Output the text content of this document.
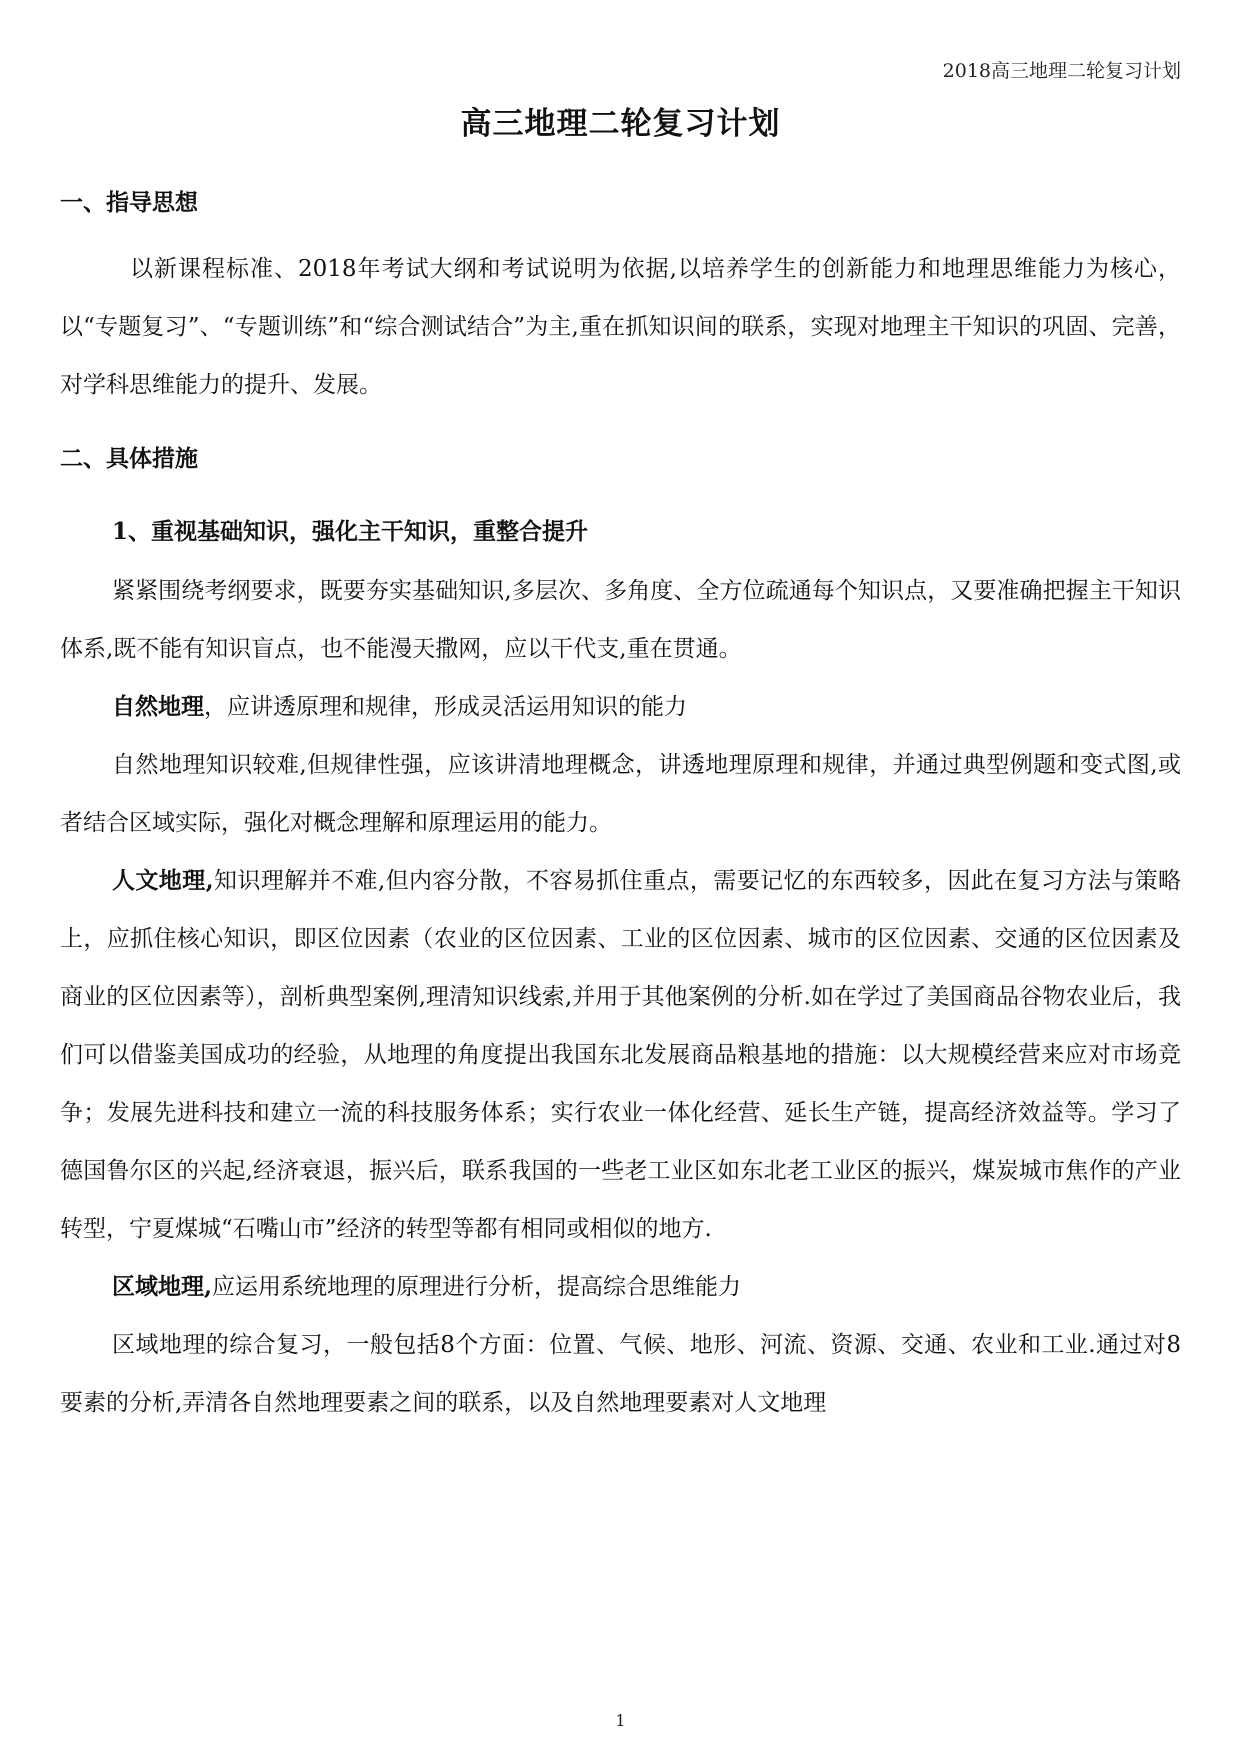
2018高三地理二轮复习计划
高三地理二轮复习计划
一、指导思想

以新课程标准、2018年考试大纲和考试说明为依据,以培养学生的创新能力和地理思维能力为核心，以“专题复习”、“专题训练”和“综合测试结合”为主,重在抓知识间的联系，实现对地理主干知识的巩固、完善，对学科思维能力的提升、发展。

二、具体措施
1、重视基础知识，强化主干知识，重整合提升

紧紧围绕考纲要求，既要夯实基础知识,多层次、多角度、全方位疏通每个知识点，又要准确把握主干知识体系,既不能有知识盲点，也不能漫天撒网，应以干代支,重在贯通。

自然地理，应讲透原理和规律，形成灵活运用知识的能力

自然地理知识较难,但规律性强，应该讲清地理概念，讲透地理原理和规律，并通过典型例题和变式图,或者结合区域实际，强化对概念理解和原理运用的能力。

人文地理,知识理解并不难,但内容分散，不容易抓住重点，需要记忆的东西较多，因此在复习方法与策略上，应抓住核心知识，即区位因素（农业的区位因素、工业的区位因素、城市的区位因素、交通的区位因素及商业的区位因素等），剖析典型案例,理清知识线索,并用于其他案例的分析.如在学过了美国商品谷物农业后，我们可以借鉴美国成功的经验，从地理的角度提出我国东北发展商品粮基地的措施：以大规模经营来应对市场竞争；发展先进科技和建立一流的科技服务体系；实行农业一体化经营、延长生产链，提高经济效益等。学习了德国鲁尔区的兴起,经济衰退，振兴后，联系我国的一些老工业区如东北老工业区的振兴，煤炭城市焦作的产业转型，宁夏煤城“石嘴山市”经济的转型等都有相同或相似的地方.

区域地理,应运用系统地理的原理进行分析，提高综合思维能力

区域地理的综合复习，一般包括8个方面：位置、气候、地形、河流、资源、交通、农业和工业.通过对8要素的分析,弄清各自然地理要素之间的联系，以及自然地理要素对人文地理

1
